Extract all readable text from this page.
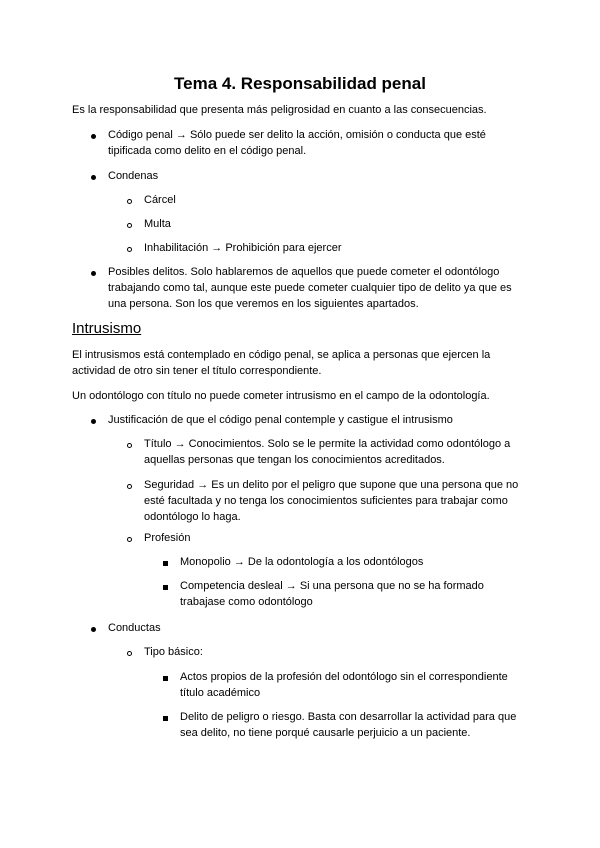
Tema 4. Responsabilidad penal
Es la responsabilidad que presenta más peligrosidad en cuanto a las consecuencias.
Código penal → Sólo puede ser delito la acción, omisión o conducta que esté tipificada como delito en el código penal.
Condenas
Cárcel
Multa
Inhabilitación → Prohibición para ejercer
Posibles delitos. Solo hablaremos de aquellos que puede cometer el odontólogo trabajando como tal, aunque este puede cometer cualquier tipo de delito ya que es una persona. Son los que veremos en los siguientes apartados.
Intrusismo
El intrusismos está contemplado en código penal, se aplica a personas que ejercen la actividad de otro sin tener el título correspondiente.
Un odontólogo con título no puede cometer intrusismo en el campo de la odontología.
Justificación de que el código penal contemple y castigue el intrusismo
Título → Conocimientos. Solo se le permite la actividad como odontólogo a aquellas personas que tengan los conocimientos acreditados.
Seguridad → Es un delito por el peligro que supone que una persona que no esté facultada y no tenga los conocimientos suficientes para trabajar como odontólogo lo haga.
Profesión
Monopolio → De la odontología a los odontólogos
Competencia desleal → Si una persona que no se ha formado trabajase como odontólogo
Conductas
Tipo básico:
Actos propios de la profesión del odontólogo sin el correspondiente título académico
Delito de peligro o riesgo. Basta con desarrollar la actividad para que sea delito, no tiene porqué causarle perjuicio a un paciente.
